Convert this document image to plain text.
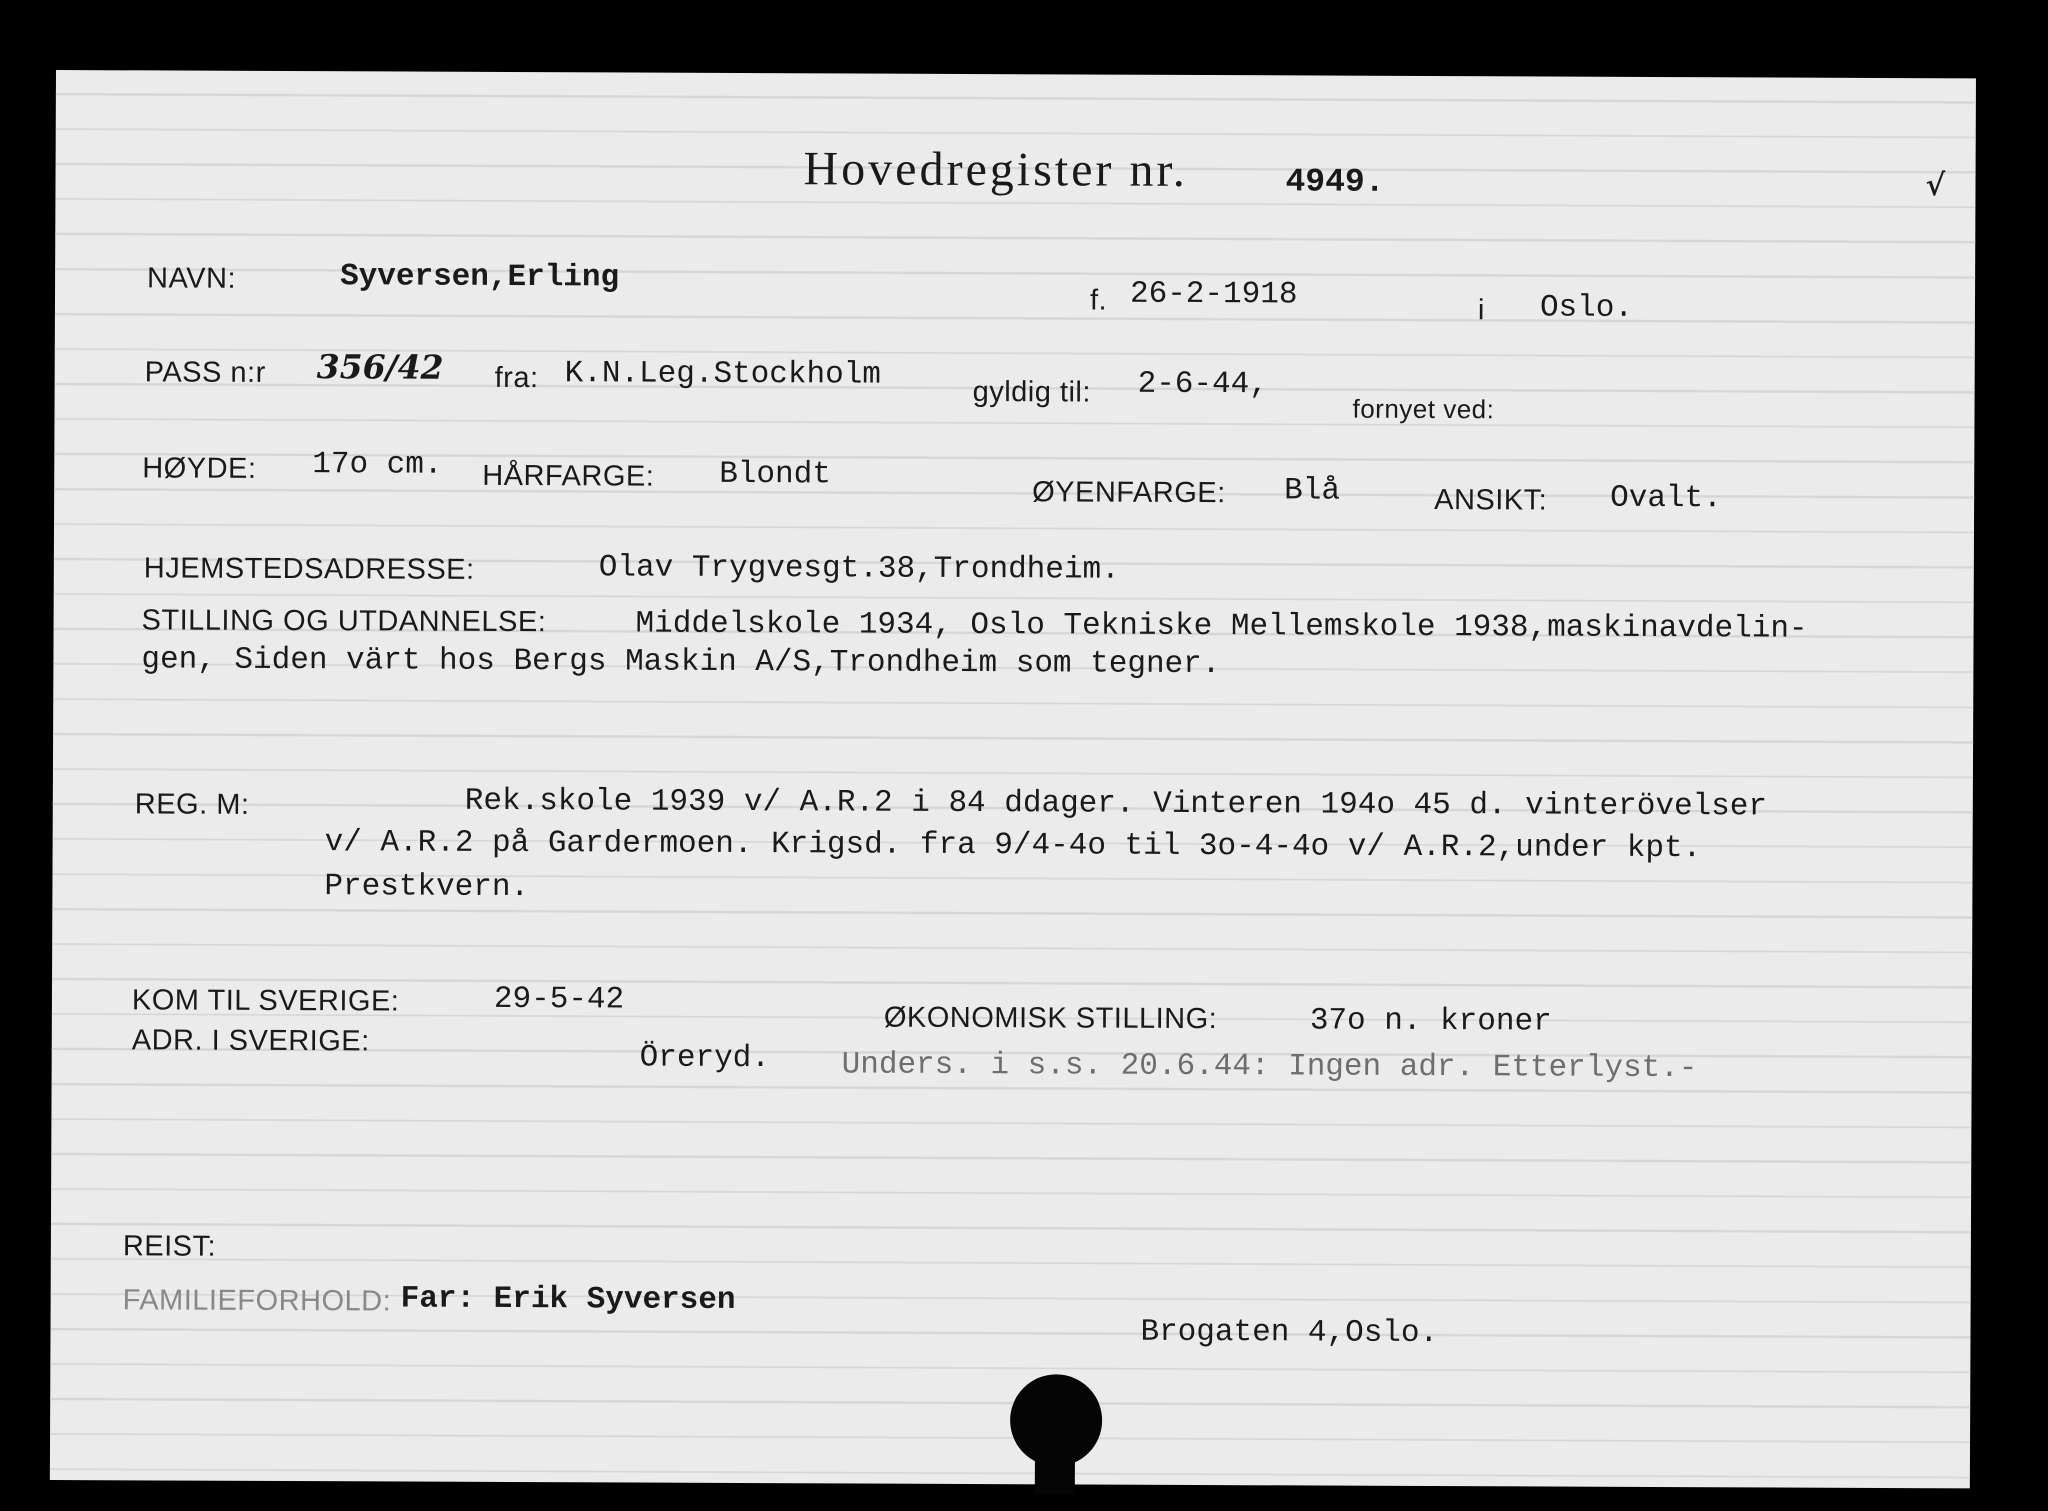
Hovedregister nr.	4949.	√
NAVN:	Syversen,Erling
f. 26-2-1918	i Oslo.
PASS n:r 356/42 fra: K.N.Leg.Stockholm	gyldig til: 2-6-44,
fornyet ved:
HØYDE: 17o cm. HÅRFARGE: Blondt
ØYENFARGE: Blå	ANSIKT: Ovalt.
HJEMSTEDSADRESSE:	Olav Trygvesgt.38,Trondheim.
STILLING OG UTDANNELSE:	Middelskole 1934, Oslo Tekniske Mellemskole 1938,maskinavdelin-
gen, Siden värt hos Bergs Maskin A/S,Trondheim som tegner.
REG. M:	Rek.skole 1939 v/ A.R.2 i 84 ddager. Vinteren 194o 45 d. vinterövelser
v/ A.R.2 på Gardermoen. Krigsd. fra 9/4-4o til 3o-4-4o v/ A.R.2,under kpt.
Prestkvern.
KOM TIL SVERIGE:	29-5-42
ØKONOMISK STILLING:	37o n. kroner
ADR. I SVERIGE:	Öreryd. Unders. i s.s. 20.6.44: Ingen adr. Etterlyst.-
REIST:
FAMILIEFORHOLD: Far: Erik Syversen
Brogaten 4,Oslo.
